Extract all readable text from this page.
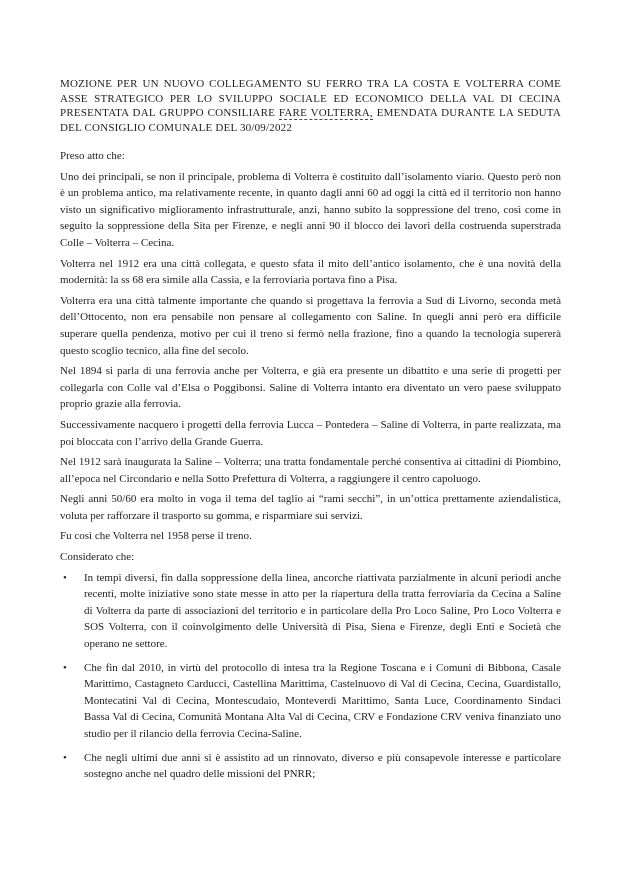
MOZIONE PER UN NUOVO COLLEGAMENTO SU FERRO TRA LA COSTA E VOLTERRA COME ASSE STRATEGICO PER LO SVILUPPO SOCIALE ED ECONOMICO DELLA VAL DI CECINA PRESENTATA DAL GRUPPO CONSILIARE FARE VOLTERRA, EMENDATA DURANTE LA SEDUTA DEL CONSIGLIO COMUNALE DEL 30/09/2022

Preso atto che:

Uno dei principali, se non il principale, problema di Volterra è costituito dall’isolamento viario. Questo però non è un problema antico, ma relativamente recente, in quanto dagli anni 60 ad oggi la città ed il territorio non hanno visto un significativo miglioramento infrastrutturale, anzi, hanno subito la soppressione del treno, così come in seguito la soppressione della Sita per Firenze, e negli anni 90 il blocco dei lavori della costruenda superstrada Colle – Volterra – Cecina.

Volterra nel 1912 era una città collegata, e questo sfata il mito dell’antico isolamento, che è una novità della modernità: la ss 68 era simile alla Cassia, e la ferroviaria portava fino a Pisa.

Volterra era una città talmente importante che quando si progettava la ferrovia a Sud di Livorno, seconda metà dell’Ottocento, non era pensabile non pensare al collegamento con Saline. In quegli anni però era difficile superare quella pendenza, motivo per cui il treno si fermò nella frazione, fino a quando la tecnologia supererà questo scoglio tecnico, alla fine del secolo.

Nel 1894 si parla di una ferrovia anche per Volterra, e già era presente un dibattito e una serie di progetti per collegarla con Colle val d’Elsa o Poggibonsi. Saline di Volterra intanto era diventato un vero paese sviluppato proprio grazie alla ferrovia.

Successivamente nacquero i progetti della ferrovia Lucca – Pontedera – Saline di Volterra, in parte realizzata, ma poi bloccata con l’arrivo della Grande Guerra.

Nel 1912 sarà inaugurata la Saline – Volterra; una tratta fondamentale perché consentiva ai cittadini di Piombino, all’epoca nel Circondario e nella Sotto Prefettura di Volterra, a raggiungere il centro capoluogo.

Negli anni 50/60 era molto in voga il tema del taglio ai “rami secchi”, in un’ottica prettamente aziendalistica, voluta per rafforzare il trasporto su gomma, e risparmiare sui servizi.

Fu così che Volterra nel 1958 perse il treno.

Considerato che:

• In tempi diversi, fin dalla soppressione della linea, ancorche riattivata parzialmente in alcuni periodi anche recenti, molte iniziative sono state messe in atto per la riapertura della tratta ferroviaria da Cecina a Saline di Volterra da parte di associazioni del territorio e in particolare della Pro Loco Saline, Pro Loco Volterra e SOS Volterra, con il coinvolgimento delle Università di Pisa, Siena e Firenze, degli Enti e Società che operano ne settore.
• Che fin dal 2010, in virtù del protocollo di intesa tra la Regione Toscana e i Comuni di Bibbona, Casale Marittimo, Castagneto Carducci, Castellina Marittima, Castelnuovo di Val di Cecina, Cecina, Guardistallo, Montecatini Val di Cecina, Montescudaio, Monteverdi Marittimo, Santa Luce, Coordinamento Sindaci Bassa Val di Cecina, Comunità Montana Alta Val di Cecina, CRV e Fondazione CRV veniva finanziato uno studio per il rilancio della ferrovia Cecina-Saline.
• Che negli ultimi due anni si è assistito ad un rinnovato, diverso e più consapevole interesse e particolare sostegno anche nel quadro delle missioni del PNRR;
